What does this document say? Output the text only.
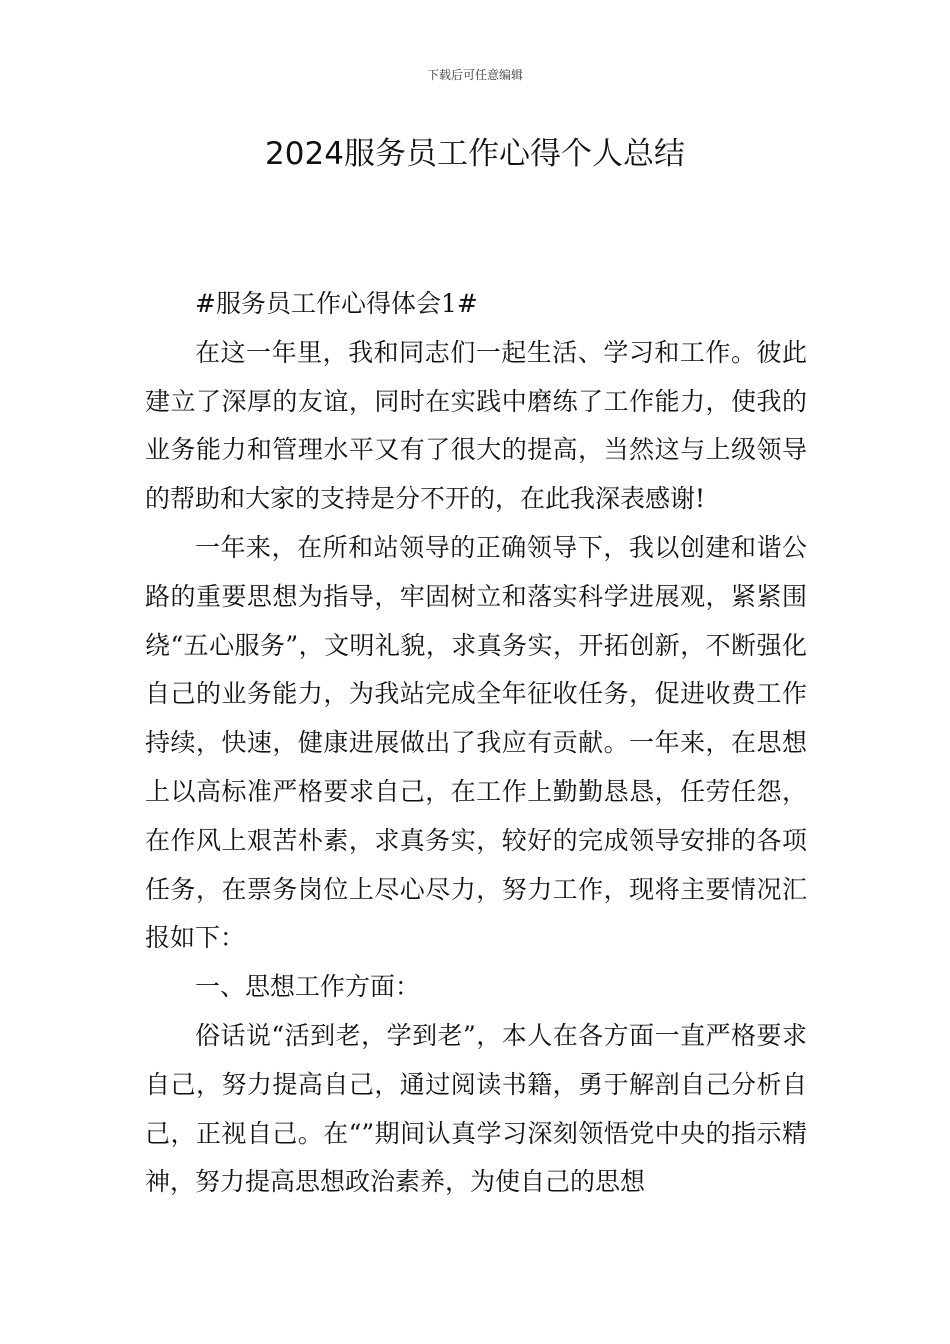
下载后可任意编辑
2024服务员工作心得个人总结

#服务员工作心得体会1#

在这一年里，我和同志们一起生活、学习和工作。彼此建立了深厚的友谊，同时在实践中磨练了工作能力，使我的业务能力和管理水平又有了很大的提高，当然这与上级领导的帮助和大家的支持是分不开的，在此我深表感谢!

一年来，在所和站领导的正确领导下，我以创建和谐公路的重要思想为指导，牢固树立和落实科学进展观，紧紧围绕“五心服务”，文明礼貌，求真务实，开拓创新，不断强化自己的业务能力，为我站完成全年征收任务，促进收费工作持续，快速，健康进展做出了我应有贡献。一年来，在思想上以高标准严格要求自己，在工作上勤勤恳恳，任劳任怨，在作风上艰苦朴素，求真务实，较好的完成领导安排的各项任务，在票务岗位上尽心尽力，努力工作，现将主要情况汇报如下：

一、思想工作方面：

俗话说“活到老，学到老”，本人在各方面一直严格要求自己，努力提高自己，通过阅读书籍，勇于解剖自己分析自己，正视自己。在“”期间认真学习深刻领悟党中央的指示精神，努力提高思想政治素养，为使自己的思想
